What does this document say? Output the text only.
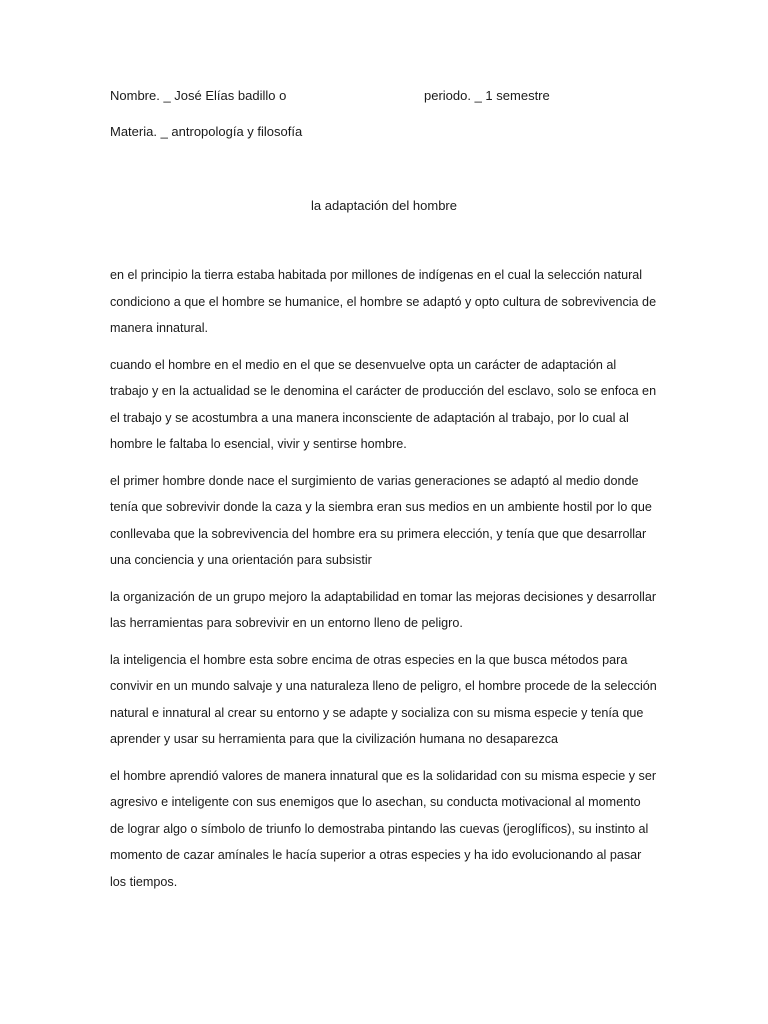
Nombre. _ José Elías badillo o	periodo. _ 1 semestre
Materia. _ antropología y filosofía
la adaptación del hombre

en el principio la tierra estaba habitada por millones de indígenas en el cual la selección natural condiciono a que el hombre se humanice, el hombre se adaptó y opto cultura de sobrevivencia de manera innatural.

cuando el hombre en el medio en el que se desenvuelve opta un carácter de adaptación al trabajo y en la actualidad se le denomina el carácter de producción del esclavo, solo se enfoca en el trabajo y se acostumbra a una manera inconsciente de adaptación al trabajo, por lo cual al hombre le faltaba lo esencial, vivir y sentirse hombre.

el primer hombre donde nace el surgimiento de varias generaciones se adaptó al medio donde tenía que sobrevivir donde la caza y la siembra eran sus medios en un ambiente hostil por lo que conllevaba que la sobrevivencia del hombre era su primera elección, y tenía que que desarrollar una conciencia y una orientación para subsistir

la organización de un grupo mejoro la adaptabilidad en tomar las mejoras decisiones y desarrollar las herramientas para sobrevivir en un entorno lleno de peligro.

la inteligencia el hombre esta sobre encima de otras especies en la que busca métodos para convivir en un mundo salvaje y una naturaleza lleno de peligro, el hombre procede de la selección natural e innatural al crear su entorno y se adapte y socializa con su misma especie y tenía que aprender y usar su herramienta para que la civilización humana no desaparezca

el hombre aprendió valores de manera innatural que es la solidaridad con su misma especie y ser agresivo e inteligente con sus enemigos que lo asechan, su conducta motivacional al momento de lograr algo o símbolo de triunfo lo demostraba pintando las cuevas (jeroglíficos), su instinto al momento de cazar amínales le hacía superior a otras especies y ha ido evolucionando al pasar los tiempos.
